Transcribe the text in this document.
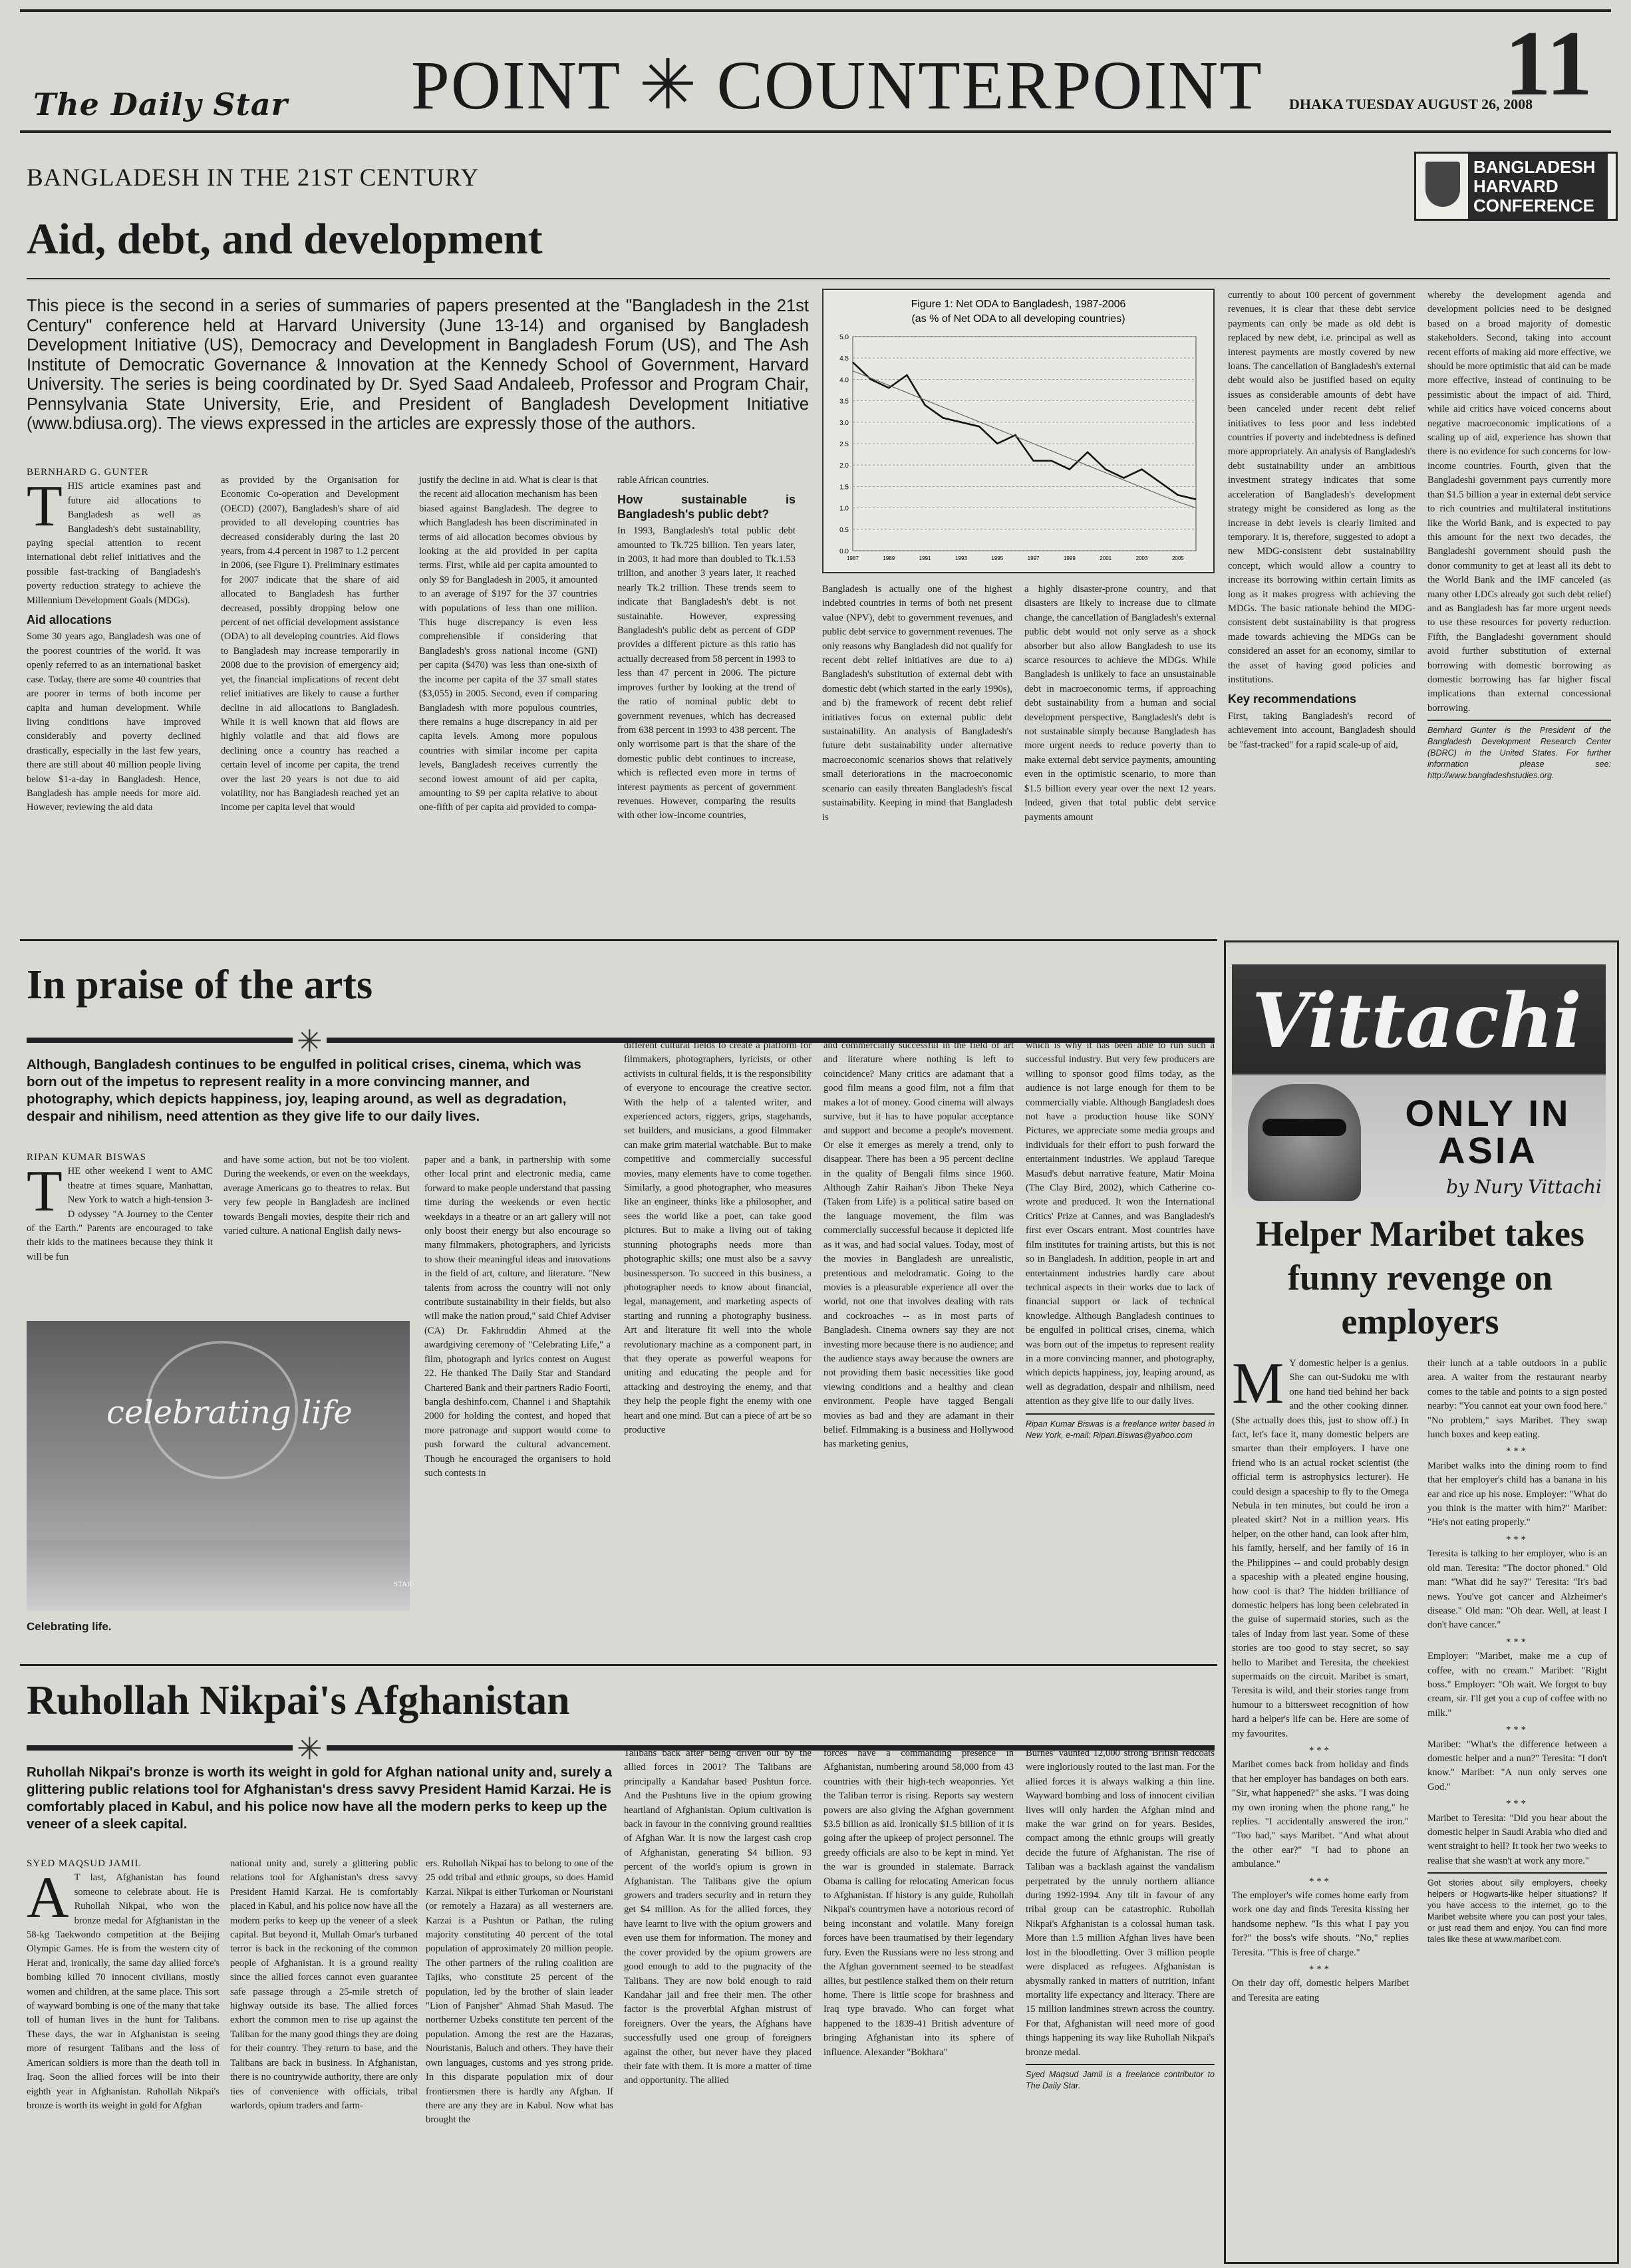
The Daily Star POINT ✳ COUNTERPOINT DHAKA TUESDAY AUGUST 26, 2008
11
BANGLADESH IN THE 21ST CENTURY	BANGLADESH HARVARD CONFERENCE
Aid, debt, and development
This piece is the second in a series of summaries of papers presented at the "Bangladesh in the 21st Century" conference held at Harvard University (June 13-14) and organised by Bangladesh Development Initiative (US), Democracy and Development in Bangladesh Forum (US), and The Ash Institute of Democratic Governance & Innovation at the Kennedy School of Government, Harvard University. The series is being coordinated by Dr. Syed Saad Andaleeb, Professor and Program Chair, Pennsylvania State University, Erie, and President of Bangladesh Development Initiative (www.bdiusa.org). The views expressed in the articles are expressly those of the authors.
Figure 1: Net ODA to Bangladesh, 1987-2006
(as % of Net ODA to all developing countries)
0.0
0.5
1.0
1.5
2.0
2.5
3.0
3.5
4.0
4.5
5.0
1987	1989	1991	1993	1995	1997	1999	2001	2003	2005
BERNHARD G. GUNTER

THIS article examines past and future aid allocations to Bangladesh as well as Bangladesh's debt sustainability, paying special attention to recent international debt relief initiatives and the possible fast-tracking of Bangladesh's poverty reduction strategy to achieve the Millennium Development Goals (MDGs).

Aid allocations

Some 30 years ago, Bangladesh was one of the poorest countries of the world. It was openly referred to as an international basket case. Today, there are some 40 countries that are poorer in terms of both income per capita and human development. While living conditions have improved considerably and poverty declined drastically, especially in the last few years, there are still about 40 million people living below $1-a-day in Bangladesh. Hence, Bangladesh has ample needs for more aid. However, reviewing the aid data

as provided by the Organisation for Economic Co-operation and Development (OECD) (2007), Bangladesh's share of aid provided to all developing countries has decreased considerably during the last 20 years, from 4.4 percent in 1987 to 1.2 percent in 2006, (see Figure 1). Preliminary estimates for 2007 indicate that the share of aid allocated to Bangladesh has further decreased, possibly dropping below one percent of net official development assistance (ODA) to all developing countries. Aid flows to Bangladesh may increase temporarily in 2008 due to the provision of emergency aid; yet, the financial implications of recent debt relief initiatives are likely to cause a further decline in aid allocations to Bangladesh. While it is well known that aid flows are highly volatile and that aid flows are declining once a country has reached a certain level of income per capita, the trend over the last 20 years is not due to aid volatility, nor has Bangladesh reached yet an income per capita level that would
justify the decline in aid. What is clear is that the recent aid allocation mechanism has been biased against Bangladesh. The degree to which Bangladesh has been discriminated in terms of aid allocation becomes obvious by looking at the aid provided in per capita terms. First, while aid per capita amounted to only $9 for Bangladesh in 2005, it amounted to an average of $197 for the 37 countries with populations of less than one million. This huge discrepancy is even less comprehensible if considering that Bangladesh's gross national income (GNI) per capita ($470) was less than one-sixth of the income per capita of the 37 small states ($3,055) in 2005. Second, even if comparing Bangladesh with more populous countries, there remains a huge discrepancy in aid per capita levels. Among more populous countries with similar income per capita levels, Bangladesh receives currently the second lowest amount of aid per capita, amounting to $9 per capita relative to about one-fifth of per capita aid provided to compa-

rable African countries.

How sustainable is Bangladesh's public debt?

In 1993, Bangladesh's total public debt amounted to Tk.725 billion. Ten years later, in 2003, it had more than doubled to Tk.1.53 trillion, and another 3 years later, it reached nearly Tk.2 trillion. These trends seem to indicate that Bangladesh's debt is not sustainable. However, expressing Bangladesh's public debt as percent of GDP provides a different picture as this ratio has actually decreased from 58 percent in 1993 to less than 47 percent in 2006. The picture improves further by looking at the trend of the ratio of nominal public debt to government revenues, which has decreased from 638 percent in 1993 to 438 percent. The only worrisome part is that the share of the domestic public debt continues to increase, which is reflected even more in terms of interest payments as percent of government revenues. However, comparing the results with other low-income countries,

Bangladesh is actually one of the highest indebted countries in terms of both net present value (NPV), debt to government revenues, and public debt service to government revenues. The only reasons why Bangladesh did not qualify for recent debt relief initiatives are due to a) Bangladesh's substitution of external debt with domestic debt (which started in the early 1990s), and b) the framework of recent debt relief initiatives focus on external public debt sustainability. An analysis of Bangladesh's future debt sustainability under alternative macroeconomic scenarios shows that relatively small deteriorations in the macroeconomic scenario can easily threaten Bangladesh's fiscal sustainability. Keeping in mind that Bangladesh is
a highly disaster-prone country, and that disasters are likely to increase due to climate change, the cancellation of Bangladesh's external public debt would not only serve as a shock absorber but also allow Bangladesh to use its scarce resources to achieve the MDGs. While Bangladesh is unlikely to face an unsustainable debt in macroeconomic terms, if approaching debt sustainability from a human and social development perspective, Bangladesh's debt is not sustainable simply because Bangladesh has more urgent needs to reduce poverty than to make external debt service payments, amounting even in the optimistic scenario, to more than $1.5 billion every year over the next 12 years. Indeed, given that total public debt service payments amount

currently to about 100 percent of government revenues, it is clear that these debt service payments can only be made as old debt is replaced by new debt, i.e. principal as well as interest payments are mostly covered by new loans. The cancellation of Bangladesh's external debt would also be justified based on equity issues as considerable amounts of debt have been canceled under recent debt relief initiatives to less poor and less indebted countries if poverty and indebtedness is defined more appropriately. An analysis of Bangladesh's debt sustainability under an ambitious investment strategy indicates that some acceleration of Bangladesh's development strategy might be considered as long as the increase in debt levels is clearly limited and temporary. It is, therefore, suggested to adopt a new MDG-consistent debt sustainability concept, which would allow a country to increase its borrowing within certain limits as long as it makes progress with achieving the MDGs. The basic rationale behind the MDG-consistent debt sustainability is that progress made towards achieving the MDGs can be considered an asset for an economy, similar to the asset of having good policies and institutions.

Key recommendations

First, taking Bangladesh's record of achievement into account, Bangladesh should be "fast-tracked" for a rapid scale-up of aid,

whereby the development agenda and development policies need to be designed based on a broad majority of domestic stakeholders. Second, taking into account recent efforts of making aid more effective, we should be more optimistic that aid can be made more effective, instead of continuing to be pessimistic about the impact of aid. Third, while aid critics have voiced concerns about negative macroeconomic implications of a scaling up of aid, experience has shown that there is no evidence for such concerns for low-income countries. Fourth, given that the Bangladeshi government pays currently more than $1.5 billion a year in external debt service to rich countries and multilateral institutions like the World Bank, and is expected to pay this amount for the next two decades, the Bangladeshi government should push the donor community to get at least all its debt to the World Bank and the IMF canceled (as many other LDCs already got such debt relief) and as Bangladesh has far more urgent needs to use these resources for poverty reduction. Fifth, the Bangladeshi government should avoid further substitution of external borrowing with domestic borrowing as domestic borrowing has far higher fiscal implications than external concessional borrowing.

Bernhard Gunter is the President of the Bangladesh Development Research Center (BDRC) in the United States. For further information please see: http://www.bangladeshstudies.org.

In praise of the arts
✳
Although, Bangladesh continues to be engulfed in political crises, cinema, which was born out of the impetus to represent reality in a more convincing manner, and photography, which depicts happiness, joy, leaping around, as well as degradation, despair and nihilism, need attention as they give life to our daily lives.
RIPAN KUMAR BISWAS

THE other weekend I went to AMC theatre at times square, Manhattan, New York to watch a high-tension 3-D odyssey "A Journey to the Center of the Earth." Parents are encouraged to take their kids to the matinees because they think it will be fun

and have some action, but not be too violent. During the weekends, or even on the weekdays, average Americans go to theatres to relax. But very few people in Bangladesh are inclined towards Bengali movies, despite their rich and varied culture. A national English daily news-
paper and a bank, in partnership with some other local print and electronic media, came forward to make people understand that passing time during the weekends or even hectic weekdays in a theatre or an art gallery will not only boost their energy but also encourage so many filmmakers, photographers, and lyricists to show their meaningful ideas and innovations in the field of art, culture, and literature. "New talents from across the country will not only contribute sustainability in their fields, but also will make the nation proud," said Chief Adviser (CA) Dr. Fakhruddin Ahmed at the awardgiving ceremony of "Celebrating Life," a film, photograph and lyrics contest on August 22. He thanked The Daily Star and Standard Chartered Bank and their partners Radio Foorti, bangla deshinfo.com, Channel i and Shaptahik 2000 for holding the contest, and hoped that more patronage and support would come to push forward the cultural advancement. Though he encouraged the organisers to hold such contests in
celebrating life
STAR
Celebrating life.
different cultural fields to create a platform for filmmakers, photographers, lyricists, or other activists in cultural fields, it is the responsibility of everyone to encourage the creative sector. With the help of a talented writer, and experienced actors, riggers, grips, stagehands, set builders, and musicians, a good filmmaker can make grim material watchable. But to make competitive and commercially successful movies, many elements have to come together. Similarly, a good photographer, who measures like an engineer, thinks like a philosopher, and sees the world like a poet, can take good pictures. But to make a living out of taking stunning photographs needs more than photographic skills; one must also be a savvy businessperson. To succeed in this business, a photographer needs to know about financial, legal, management, and marketing aspects of starting and running a photography business. Art and literature fit well into the whole revolutionary machine as a component part, in that they operate as powerful weapons for uniting and educating the people and for attacking and destroying the enemy, and that they help the people fight the enemy with one heart and one mind. But can a piece of art be so productive
and commercially successful in the field of art and literature where nothing is left to coincidence? Many critics are adamant that a good film means a good film, not a film that makes a lot of money. Good cinema will always survive, but it has to have popular acceptance and support and become a people's movement. Or else it emerges as merely a trend, only to disappear. There has been a 95 percent decline in the quality of Bengali films since 1960. Although Zahir Raihan's Jibon Theke Neya (Taken from Life) is a political satire based on the language movement, the film was commercially successful because it depicted life as it was, and had social values. Today, most of the movies in Bangladesh are unrealistic, pretentious and melodramatic. Going to the movies is a pleasurable experience all over the world, not one that involves dealing with rats and cockroaches -- as in most parts of Bangladesh. Cinema owners say they are not investing more because there is no audience; and the audience stays away because the owners are not providing them basic necessities like good viewing conditions and a healthy and clean environment. People have tagged Bengali movies as bad and they are adamant in their belief. Filmmaking is a business and Hollywood has marketing genius,

which is why it has been able to run such a successful industry. But very few producers are willing to sponsor good films today, as the audience is not large enough for them to be commercially viable. Although Bangladesh does not have a production house like SONY Pictures, we appreciate some media groups and individuals for their effort to push forward the entertainment industries. We applaud Tareque Masud's debut narrative feature, Matir Moina (The Clay Bird, 2002), which Catherine co-wrote and produced. It won the International Critics' Prize at Cannes, and was Bangladesh's first ever Oscars entrant. Most countries have film institutes for training artists, but this is not so in Bangladesh. In addition, people in art and entertainment industries hardly care about technical aspects in their works due to lack of financial support or lack of technical knowledge. Although Bangladesh continues to be engulfed in political crises, cinema, which was born out of the impetus to represent reality in a more convincing manner, and photography, which depicts happiness, joy, leaping around, as well as degradation, despair and nihilism, need attention as they give life to our daily lives.

Ripan Kumar Biswas is a freelance writer based in New York, e-mail: Ripan.Biswas@yahoo.com

Ruhollah Nikpai's Afghanistan
✳
Ruhollah Nikpai's bronze is worth its weight in gold for Afghan national unity and, surely a glittering public relations tool for Afghanistan's dress savvy President Hamid Karzai. He is comfortably placed in Kabul, and his police now have all the modern perks to keep up the veneer of a sleek capital.
SYED MAQSUD JAMIL

A T last, Afghanistan has found someone to celebrate about. He is Ruhollah Nikpai, who won the bronze medal for Afghanistan in the 58-kg Taekwondo competition at the Beijing Olympic Games. He is from the western city of Herat and, ironically, the same day allied force's bombing killed 70 innocent civilians, mostly women and children, at the same place. This sort of wayward bombing is one of the many that take toll of human lives in the hunt for Talibans. These days, the war in Afghanistan is seeing more of resurgent Talibans and the loss of American soldiers is more than the death toll in Iraq. Soon the allied forces will be into their eighth year in Afghanistan. Ruhollah Nikpai's bronze is worth its weight in gold for Afghan

national unity and, surely a glittering public relations tool for Afghanistan's dress savvy President Hamid Karzai. He is comfortably placed in Kabul, and his police now have all the modern perks to keep up the veneer of a sleek capital. But beyond it, Mullah Omar's turbaned terror is back in the reckoning of the common people of Afghanistan. It is a ground reality since the allied forces cannot even guarantee safe passage through a 25-mile stretch of highway outside its base. The allied forces exhort the common men to rise up against the Taliban for the many good things they are doing for their country. They return to base, and the Talibans are back in business. In Afghanistan, there is no countrywide authority, there are only ties of convenience with officials, tribal warlords, opium traders and farm-
ers. Ruhollah Nikpai has to belong to one of the 25 odd tribal and ethnic groups, so does Hamid Karzai. Nikpai is either Turkoman or Nouristani (or remotely a Hazara) as all westerners are. Karzai is a Pushtun or Pathan, the ruling majority constituting 40 percent of the total population of approximately 20 million people. The other partners of the ruling coalition are Tajiks, who constitute 25 percent of the population, led by the brother of slain leader "Lion of Panjsher" Ahmad Shah Masud. The northerner Uzbeks constitute ten percent of the population. Among the rest are the Hazaras, Nouristanis, Baluch and others. They have their own languages, customs and yes strong pride. In this disparate population mix of dour frontiersmen there is hardly any Afghan. If there are any they are in Kabul. Now what has brought the
Talibans back after being driven out by the allied forces in 2001? The Talibans are principally a Kandahar based Pushtun force. And the Pushtuns live in the opium growing heartland of Afghanistan. Opium cultivation is back in favour in the conniving ground realities of Afghan War. It is now the largest cash crop of Afghanistan, generating $4 billion. 93 percent of the world's opium is grown in Afghanistan. The Talibans give the opium growers and traders security and in return they get $4 million. As for the allied forces, they have learnt to live with the opium growers and even use them for information. The money and the cover provided by the opium growers are good enough to add to the pugnacity of the Talibans. They are now bold enough to raid Kandahar jail and free their men. The other factor is the proverbial Afghan mistrust of foreigners. Over the years, the Afghans have successfully used one group of foreigners against the other, but never have they placed their fate with them. It is more a matter of time and opportunity. The allied
forces have a commanding presence in Afghanistan, numbering around 58,000 from 43 countries with their high-tech weaponries. Yet the Taliban terror is rising. Reports say western powers are also giving the Afghan government $3.5 billion as aid. Ironically $1.5 billion of it is going after the upkeep of project personnel. The greedy officials are also to be kept in mind. Yet the war is grounded in stalemate. Barrack Obama is calling for relocating American focus to Afghanistan. If history is any guide, Ruhollah Nikpai's countrymen have a notorious record of being inconstant and volatile. Many foreign forces have been traumatised by their legendary fury. Even the Russians were no less strong and the Afghan government seemed to be steadfast allies, but pestilence stalked them on their return home. There is little scope for brashness and Iraq type bravado. Who can forget what happened to the 1839-41 British adventure of bringing Afghanistan into its sphere of influence. Alexander "Bokhara"

Burnes' vaunted 12,000 strong British redcoats were ingloriously routed to the last man. For the allied forces it is always walking a thin line. Wayward bombing and loss of innocent civilian lives will only harden the Afghan mind and make the war grind on for years. Besides, compact among the ethnic groups will greatly decide the future of Afghanistan. The rise of Taliban was a backlash against the vandalism perpetrated by the unruly northern alliance during 1992-1994. Any tilt in favour of any tribal group can be catastrophic. Ruhollah Nikpai's Afghanistan is a colossal human task. More than 1.5 million Afghan lives have been lost in the bloodletting. Over 3 million people were displaced as refugees. Afghanistan is abysmally ranked in matters of nutrition, infant mortality life expectancy and literacy. There are 15 million landmines strewn across the country. For that, Afghanistan will need more of good things happening its way like Ruhollah Nikpai's bronze medal.

Syed Maqsud Jamil is a freelance contributor to The Daily Star.

Vittachi
ONLY IN ASIA
by Nury Vittachi
Helper Maribet takes funny revenge on employers

M Y domestic helper is a genius. She can out-Sudoku me with one hand tied behind her back and the other cooking dinner. (She actually does this, just to show off.) In fact, let's face it, many domestic helpers are smarter than their employers. I have one friend who is an actual rocket scientist (the official term is astrophysics lecturer). He could design a spaceship to fly to the Omega Nebula in ten minutes, but could he iron a pleated skirt? Not in a million years. His helper, on the other hand, can look after him, his family, herself, and her family of 16 in the Philippines -- and could probably design a spaceship with a pleated engine housing, how cool is that? The hidden brilliance of domestic helpers has long been celebrated in the guise of supermaid stories, such as the tales of Inday from last year. Some of these stories are too good to stay secret, so say hello to Maribet and Teresita, the cheekiest supermaids on the circuit. Maribet is smart, Teresita is wild, and their stories range from humour to a bittersweet recognition of how hard a helper's life can be. Here are some of my favourites.

***

Maribet comes back from holiday and finds that her employer has bandages on both ears. "Sir, what happened?" she asks. "I was doing my own ironing when the phone rang," he replies. "I accidentally answered the iron." "Too bad," says Maribet. "And what about the other ear?" "I had to phone an ambulance."

***

The employer's wife comes home early from work one day and finds Teresita kissing her handsome nephew. "Is this what I pay you for?" the boss's wife shouts. "No," replies Teresita. "This is free of charge."

***

On their day off, domestic helpers Maribet and Teresita are eating

their lunch at a table outdoors in a public area. A waiter from the restaurant nearby comes to the table and points to a sign posted nearby: "You cannot eat your own food here." "No problem," says Maribet. They swap lunch boxes and keep eating.

***

Maribet walks into the dining room to find that her employer's child has a banana in his ear and rice up his nose. Employer: "What do you think is the matter with him?" Maribet: "He's not eating properly."

***

Teresita is talking to her employer, who is an old man. Teresita: "The doctor phoned." Old man: "What did he say?" Teresita: "It's bad news. You've got cancer and Alzheimer's disease." Old man: "Oh dear. Well, at least I don't have cancer."

***

Employer: "Maribet, make me a cup of coffee, with no cream." Maribet: "Right boss." Employer: "Oh wait. We forgot to buy cream, sir. I'll get you a cup of coffee with no milk."

***

Maribet: "What's the difference between a domestic helper and a nun?" Teresita: "I don't know." Maribet: "A nun only serves one God."

***

Maribet to Teresita: "Did you hear about the domestic helper in Saudi Arabia who died and went straight to hell? It took her two weeks to realise that she wasn't at work any more."

Got stories about silly employers, cheeky helpers or Hogwarts-like helper situations? If you have access to the internet, go to the Maribet website where you can post your tales, or just read them and enjoy. You can find more tales like these at www.maribet.com.
